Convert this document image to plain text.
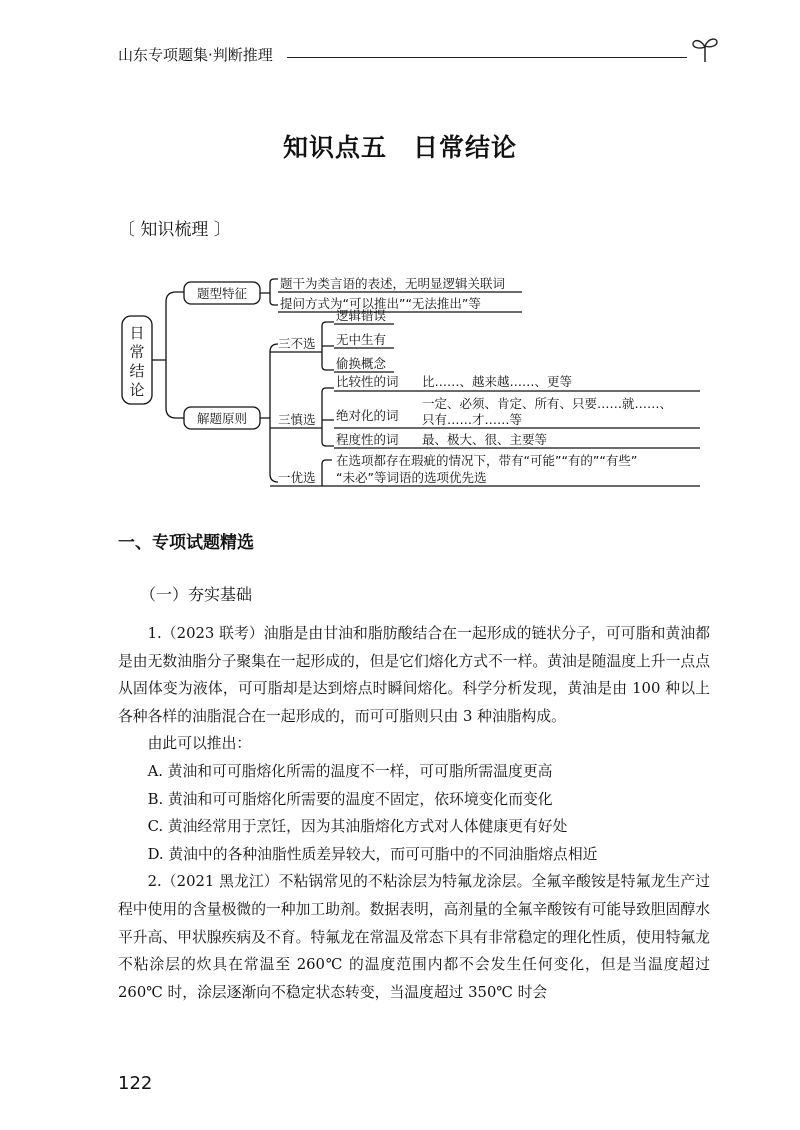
山东专项题集·判断推理
知识点五　日常结论
〔 知识梳理 〕
日
常
结
论
题型特征
题干为类言语的表述，无明显逻辑关联词
提问方式为“可以推出”“无法推出”等
解题原则
三不选
逻辑错误
无中生有
偷换概念
三慎选
比较性的词 比……、越来越……、更等
绝对化的词
一定、必须、肯定、所有、只要……就……、
只有……才……等
程度性的词 最、极大、很、主要等
一优选
在选项都存在瑕疵的情况下，带有“可能”“有的”“有些”
“未必”等词语的选项优先选
一、专项试题精选
（一）夯实基础

1.（2023 联考）油脂是由甘油和脂肪酸结合在一起形成的链状分子，可可脂和黄油都是由无数油脂分子聚集在一起形成的，但是它们熔化方式不一样。黄油是随温度上升一点点从固体变为液体，可可脂却是达到熔点时瞬间熔化。科学分析发现，黄油是由 100 种以上各种各样的油脂混合在一起形成的，而可可脂则只由 3 种油脂构成。

由此可以推出：

A. 黄油和可可脂熔化所需的温度不一样，可可脂所需温度更高

B. 黄油和可可脂熔化所需要的温度不固定，依环境变化而变化

C. 黄油经常用于烹饪，因为其油脂熔化方式对人体健康更有好处

D. 黄油中的各种油脂性质差异较大，而可可脂中的不同油脂熔点相近

2.（2021 黑龙江）不粘锅常见的不粘涂层为特氟龙涂层。全氟辛酸铵是特氟龙生产过程中使用的含量极微的一种加工助剂。数据表明，高剂量的全氟辛酸铵有可能导致胆固醇水平升高、甲状腺疾病及不育。特氟龙在常温及常态下具有非常稳定的理化性质，使用特氟龙不粘涂层的炊具在常温至 260℃ 的温度范围内都不会发生任何变化，但是当温度超过 260℃ 时，涂层逐渐向不稳定状态转变，当温度超过 350℃ 时会

122
